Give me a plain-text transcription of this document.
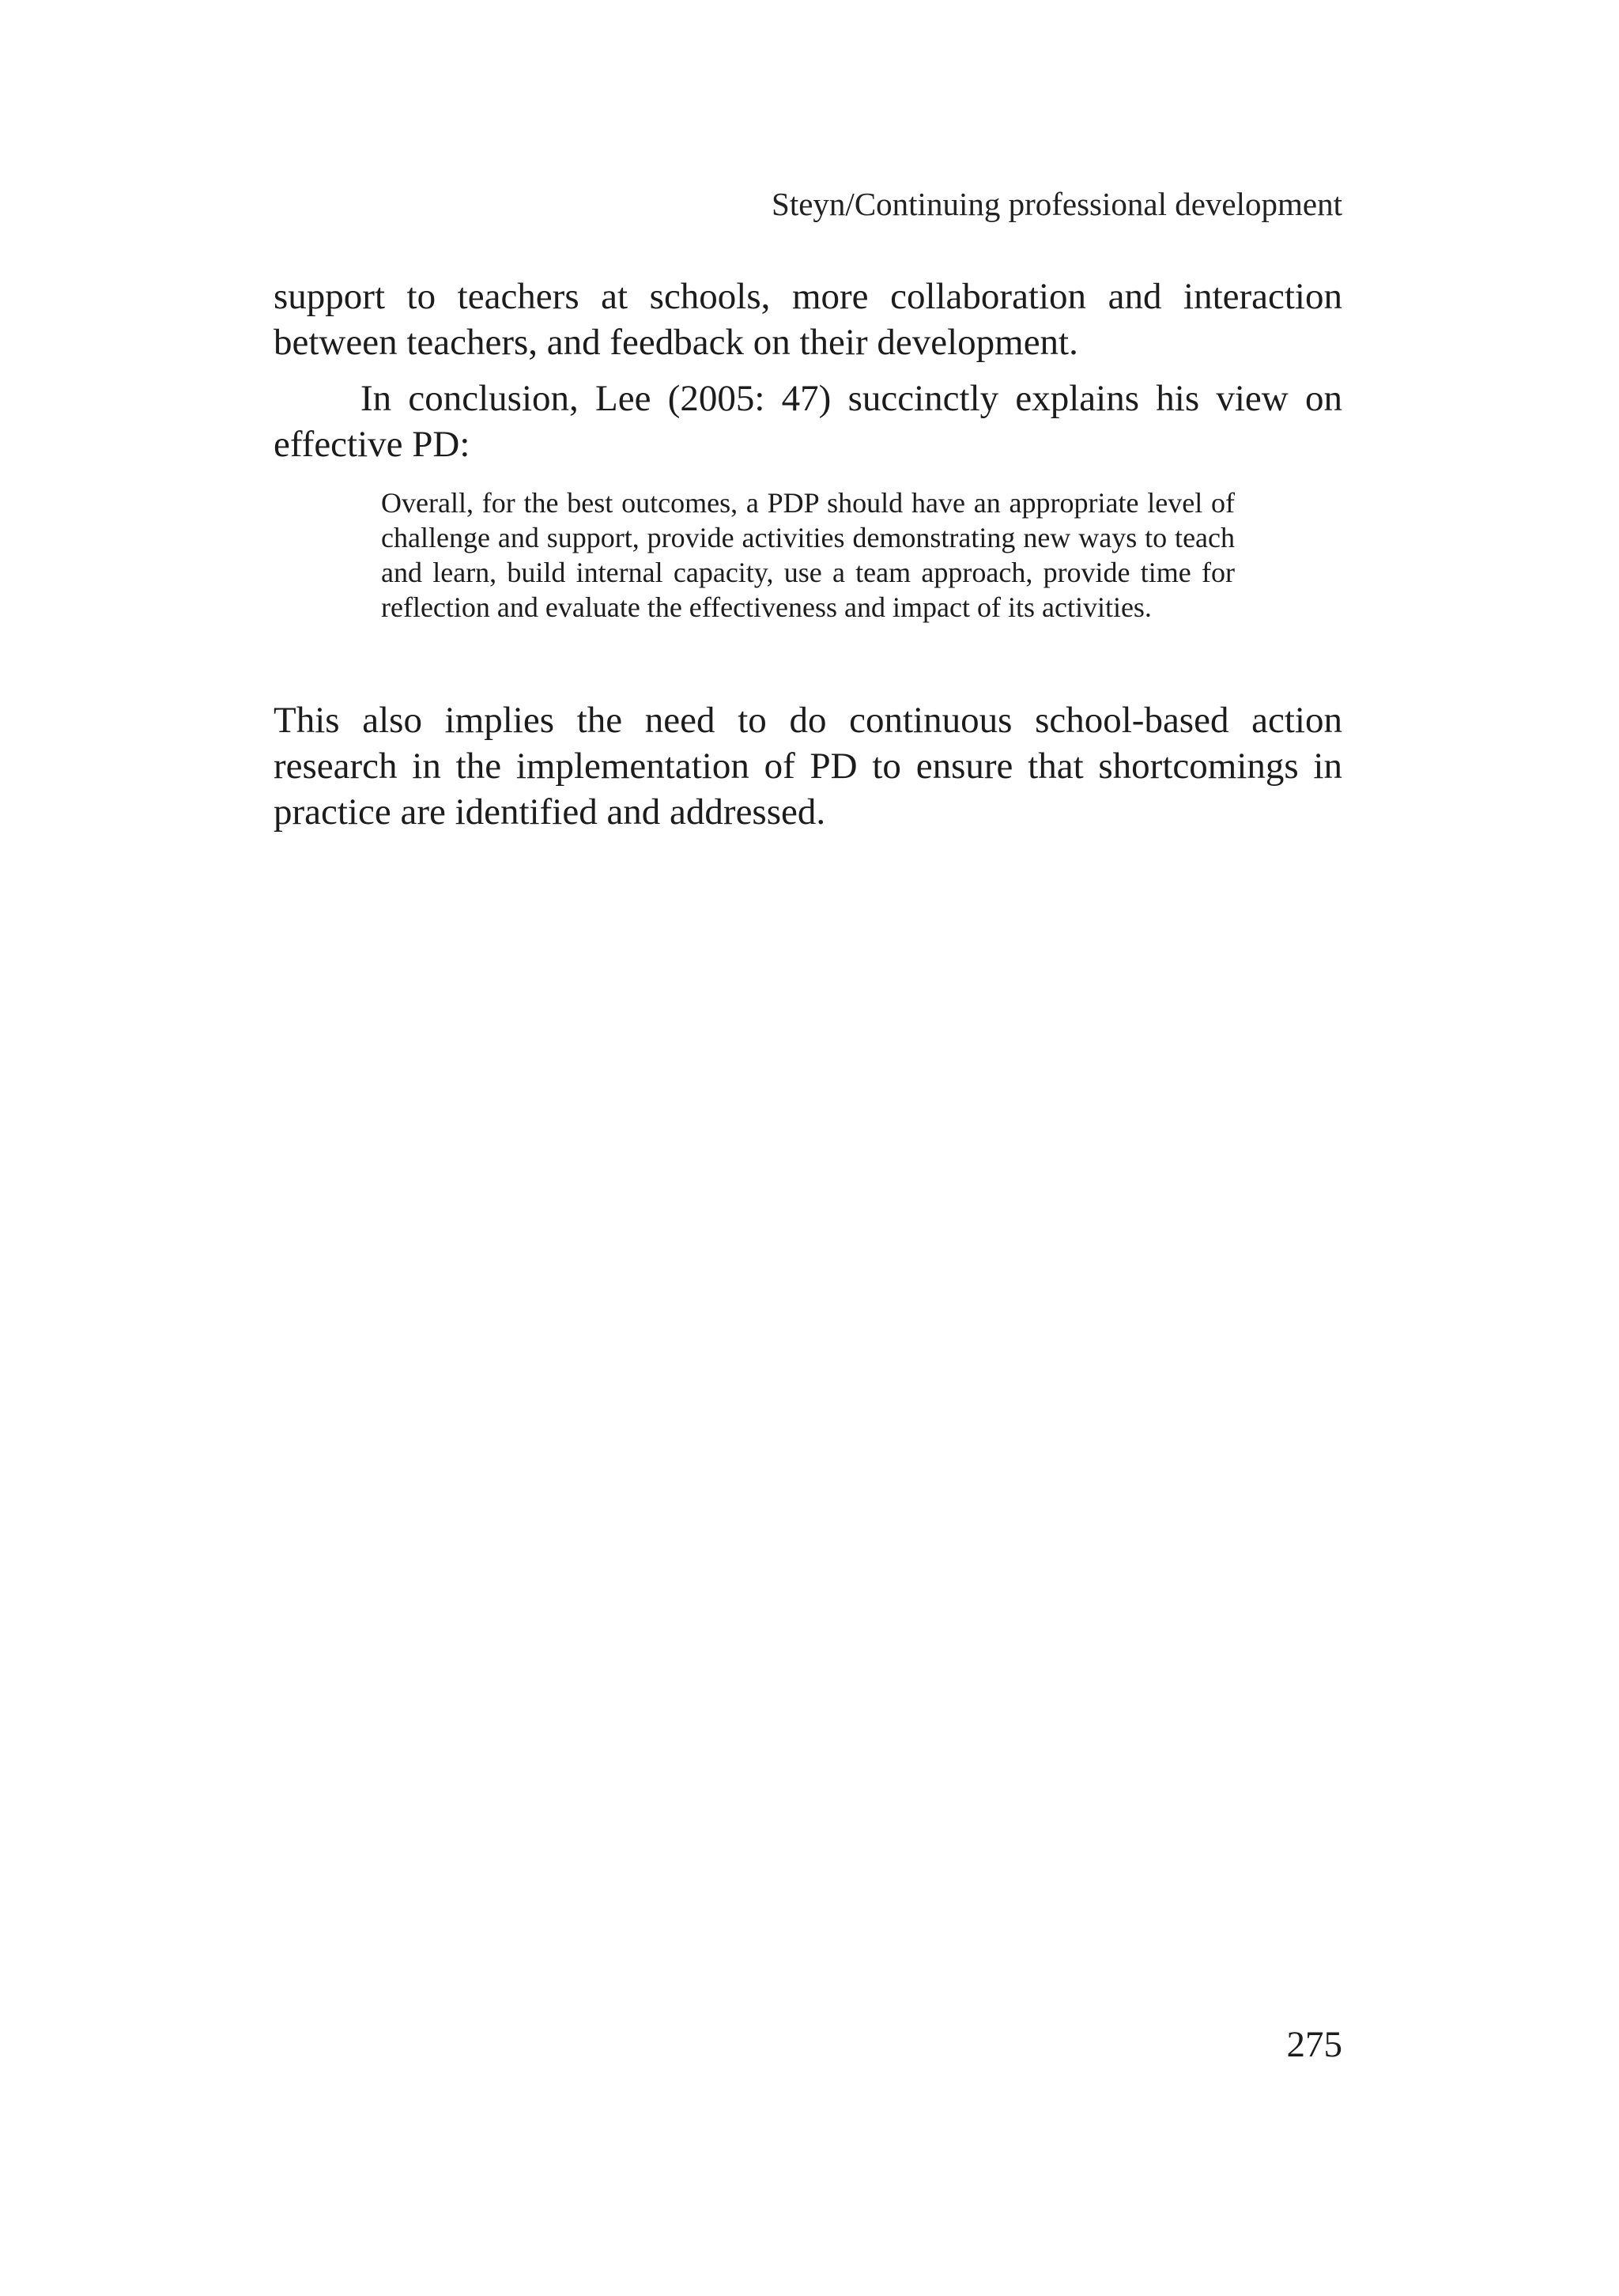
Steyn/Continuing professional development

support to teachers at schools, more collaboration and interaction between teachers, and feedback on their development.

In conclusion, Lee (2005: 47) succinctly explains his view on effective PD:

Overall, for the best outcomes, a PDP should have an appropriate level of challenge and support, provide activities demonstrating new ways to teach and learn, build internal capacity, use a team approach, provide time for reflection and evaluate the effectiveness and impact of its activities.

This also implies the need to do continuous school-based action research in the implementation of PD to ensure that shortcomings in practice are identified and addressed.

275
